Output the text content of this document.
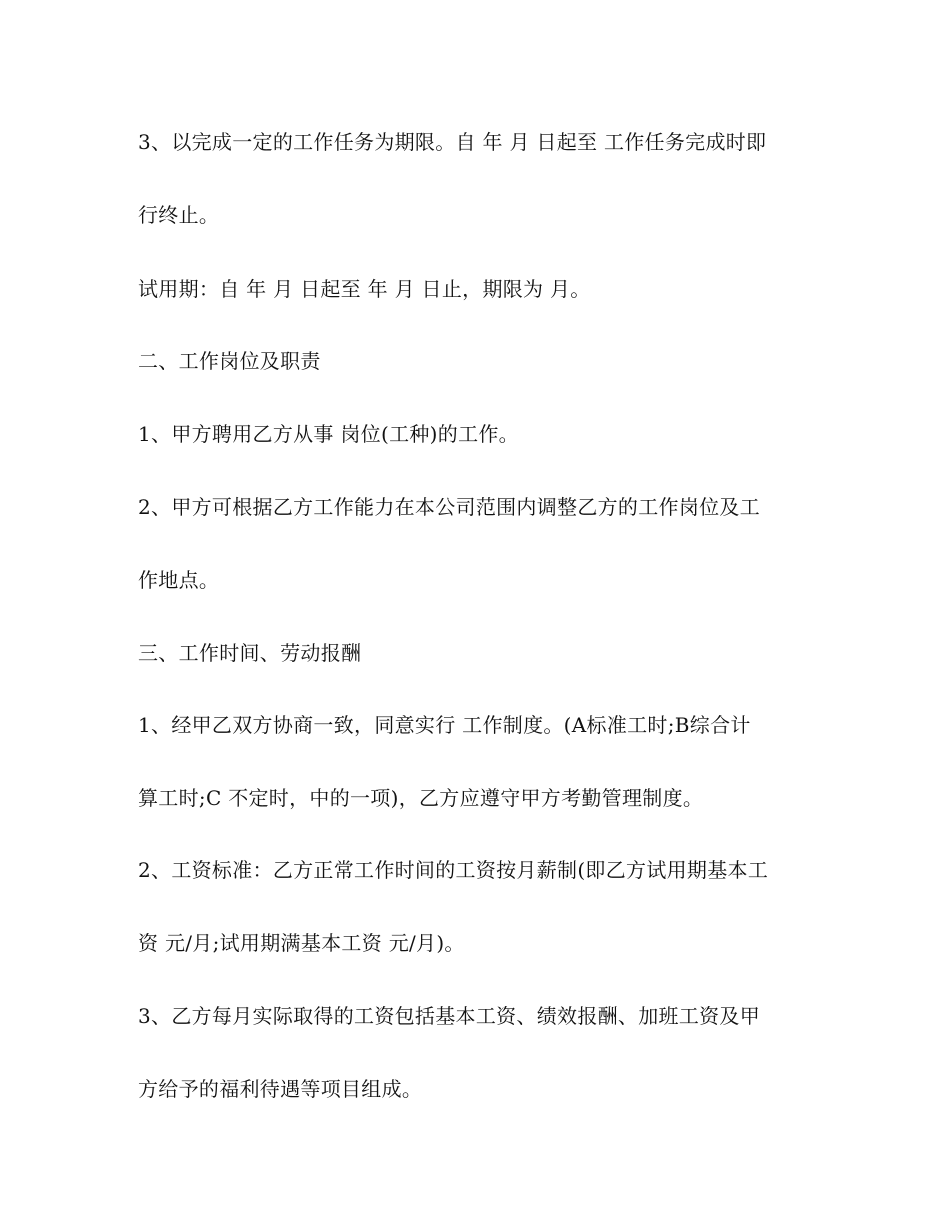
3、以完成一定的工作任务为期限。自 年 月 日起至 工作任务完成时即
行终止。
试用期：自 年 月 日起至 年 月 日止，期限为 月。
二、工作岗位及职责
1、甲方聘用乙方从事 岗位(工种)的工作。
2、甲方可根据乙方工作能力在本公司范围内调整乙方的工作岗位及工
作地点。
三、工作时间、劳动报酬
1、经甲乙双方协商一致，同意实行 工作制度。(A标准工时;B综合计
算工时;C 不定时，中的一项)，乙方应遵守甲方考勤管理制度。
2、工资标准：乙方正常工作时间的工资按月薪制(即乙方试用期基本工
资 元/月;试用期满基本工资 元/月)。
3、乙方每月实际取得的工资包括基本工资、绩效报酬、加班工资及甲
方给予的福利待遇等项目组成。
